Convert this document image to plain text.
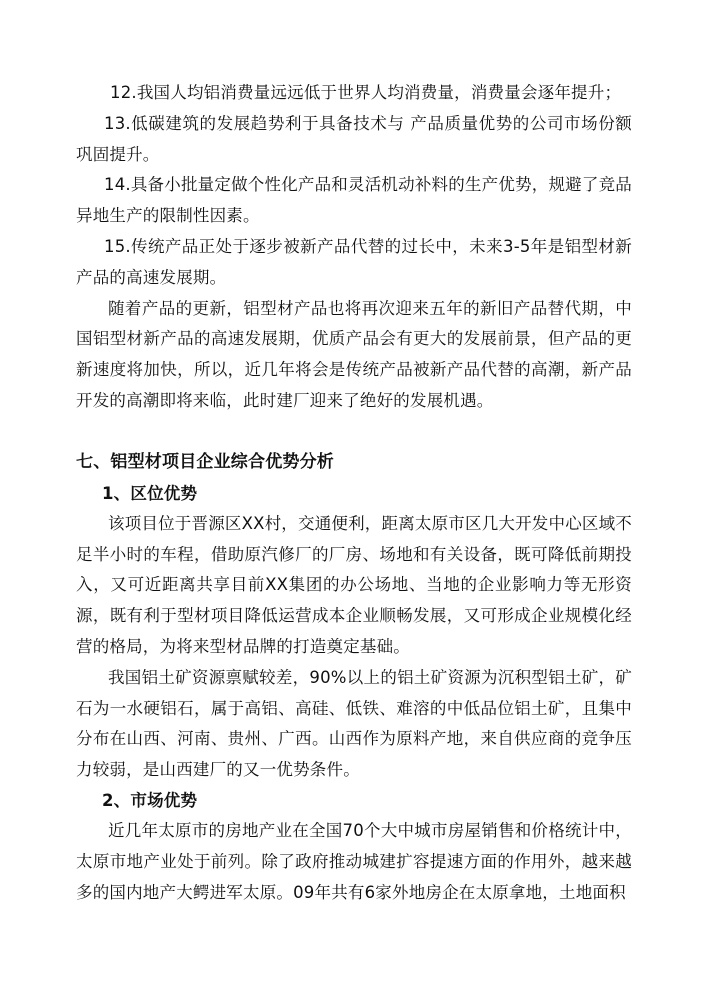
12.我国人均铝消费量远远低于世界人均消费量，消费量会逐年提升；

13.低碳建筑的发展趋势利于具备技术与 产品质量优势的公司市场份额巩固提升。

14.具备小批量定做个性化产品和灵活机动补料的生产优势，规避了竞品异地生产的限制性因素。

15.传统产品正处于逐步被新产品代替的过长中，未来3-5年是铝型材新产品的高速发展期。

随着产品的更新，铝型材产品也将再次迎来五年的新旧产品替代期，中国铝型材新产品的高速发展期，优质产品会有更大的发展前景，但产品的更新速度将加快，所以，近几年将会是传统产品被新产品代替的高潮，新产品开发的高潮即将来临，此时建厂迎来了绝好的发展机遇。

七、铝型材项目企业综合优势分析
1、区位优势

该项目位于晋源区XX村，交通便利，距离太原市区几大开发中心区域不足半小时的车程，借助原汽修厂的厂房、场地和有关设备，既可降低前期投入，又可近距离共享目前XX集团的办公场地、当地的企业影响力等无形资源，既有利于型材项目降低运营成本企业顺畅发展，又可形成企业规模化经营的格局，为将来型材品牌的打造奠定基础。

我国铝土矿资源禀赋较差，90%以上的铝土矿资源为沉积型铝土矿，矿石为一水硬铝石，属于高铝、高硅、低铁、难溶的中低品位铝土矿，且集中分布在山西、河南、贵州、广西。山西作为原料产地，来自供应商的竞争压力较弱，是山西建厂的又一优势条件。

2、市场优势

近几年太原市的房地产业在全国70个大中城市房屋销售和价格统计中，太原市地产业处于前列。除了政府推动城建扩容提速方面的作用外，越来越多的国内地产大鳄进军太原。09年共有6家外地房企在太原拿地，土地面积
